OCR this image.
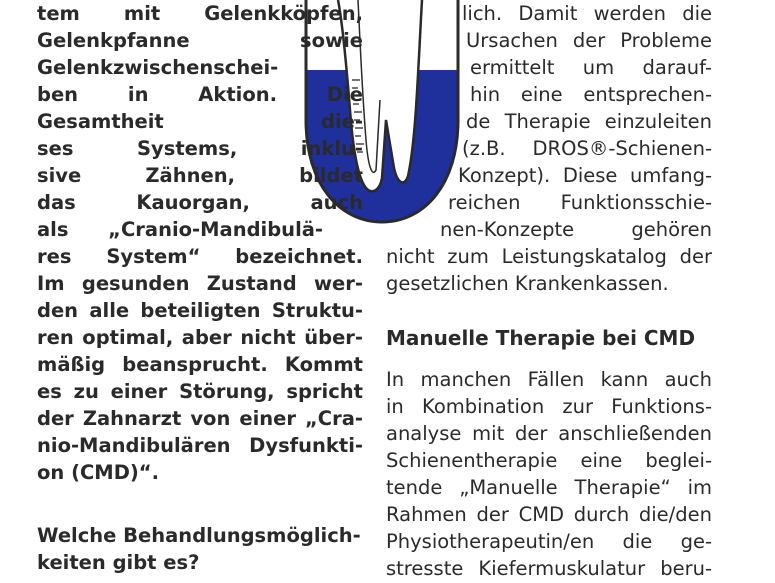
tem mit Gelenkköpfen,
Gelenkpfanne sowie
Gelenkzwischenschei-
ben in Aktion. Die
Gesamtheit die-
ses Systems, inklu-
sive Zähnen, bildet
das Kauorgan, auch
als „Cranio-Mandibulä-
res System“ bezeichnet.
Im gesunden Zustand wer-
den alle beteiligten Struktu-
ren optimal, aber nicht über-
mäßig beansprucht. Kommt
es zu einer Störung, spricht
der Zahnarzt von einer „Cra-
nio-Mandibulären Dysfunkti-
on (CMD)“.
Welche Behandlungsmöglich-
keiten gibt es?
lich. Damit werden die
Ursachen der Probleme
ermittelt um darauf-
hin eine entsprechen-
de Therapie einzuleiten
(z.B. DROS®-Schienen-
Konzept). Diese umfang-
reichen Funktionsschie-
nen-Konzepte gehören
nicht zum Leistungskatalog der
gesetzlichen Krankenkassen.
Manuelle Therapie bei CMD
In manchen Fällen kann auch
in Kombination zur Funktions-
analyse mit der anschließenden
Schienentherapie eine beglei-
tende „Manuelle Therapie“ im
Rahmen der CMD durch die/den
Physiotherapeutin/en die ge-
stresste Kiefermuskulatur beru-
